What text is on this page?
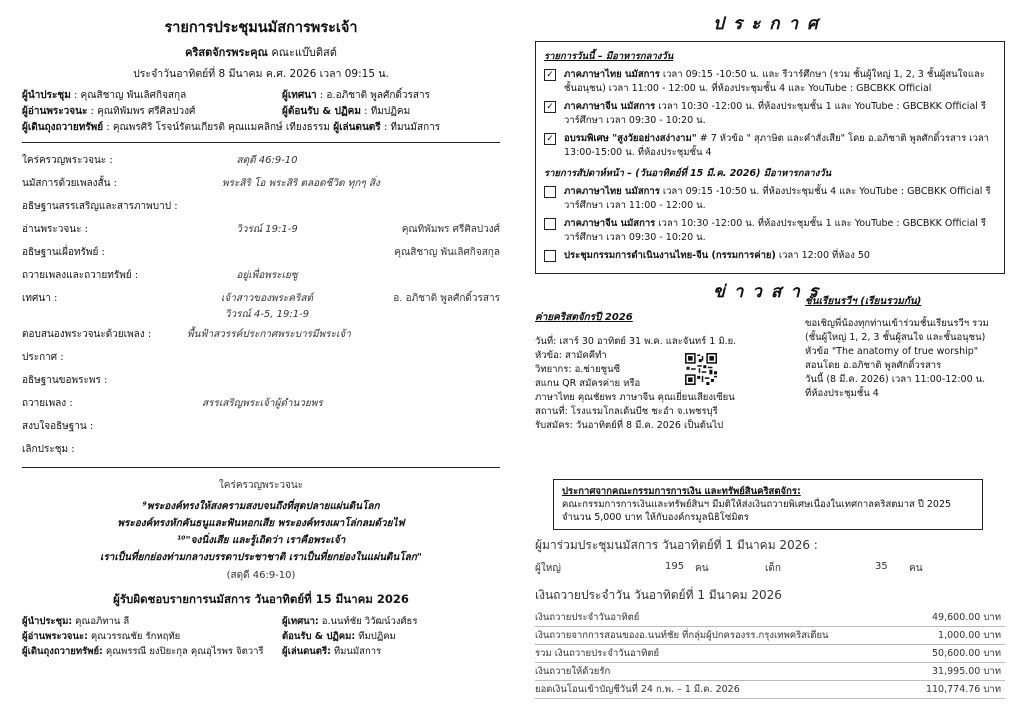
รายการประชุมนมัสการพระเจ้า
คริสตจักรพระคุณ คณะแบ๊บติสต์
ประจำวันอาทิตย์ที่ 8 มีนาคม ค.ศ. 2026 เวลา 09:15 น.
ผู้นำประชุม : คุณสิชาญ พันเลิศกิจสกุล	ผู้เทศนา : อ.อภิชาติ พูลศักดิ์วรสาร
ผู้อ่านพระวจนะ : คุณทิพัมพร ศรีศิลปวงศ์	ผู้ต้อนรับ & ปฏิคม : ทีมปฏิคม
ผู้เดินถุงถวายทรัพย์ : คุณพรศิริ โรจน์รัตนเกียรติ คุณแมคลิกษ์ เทียงธรรม ผู้เล่นดนตรี : ทีมนมัสการ
ใคร่ครวญพระวจนะ :	สดุดี 46:9-10
นมัสการด้วยเพลงสั้น :	พระสิริ โอ พระสิริ ตลอดชีวิต ทุกๆ สิ่ง
อธิษฐานสรรเสริญและสารภาพบาป :
อ่านพระวจนะ :	วิวรณ์ 19:1-9	คุณทิพัมพร ศรีศิลปวงศ์
อธิษฐานเผื่อทรัพย์ :	คุณสิชาญ พันเลิศกิจสกุล
ถวายเพลงและถวายทรัพย์ :	อยู่เพื่อพระเยซู
เทศนา :	เจ้าสาวของพระคริสต์	อ. อภิชาติ พูลศักดิ์วรสาร
วิวรณ์ 4-5, 19:1-9
ตอบสนองพระวจนะด้วยเพลง :	พื้นฟ้าสวรรค์ประกาศพระบารมีพระเจ้า
ประกาศ :
อธิษฐานขอพระพร :
ถวายเพลง :	สรรเสริญพระเจ้าผู้ดำนวยพร
สงบใจอธิษฐาน :
เลิกประชุม :
ใคร่ครวญพระวจนะ
⁹พระองค์ทรงให้สงครามสงบจนถึงที่สุดปลายแผ่นดินโลก
พระองค์ทรงหักคันธนูและฟันหอกเสีย พระองค์ทรงเผาโล่กลมด้วยไฟ
¹⁰"จงนิ่งเสีย และรู้เถิดว่า เราคือพระเจ้า
เราเป็นที่ยกย่องท่ามกลางบรรดาประชาชาติ เราเป็นที่ยกย่องในแผ่นดินโลก"
(สดุดี 46:9-10)
ผู้รับผิดชอบรายการนมัสการ วันอาทิตย์ที่ 15 มีนาคม 2026
ผู้นำประชุม: คุณอภิทาน ลี	ผู้เทศนา: อ.นนท์ชัย วิวัฒน์วงศ์ธร
ผู้อ่านพระวจนะ: คุณวรรณชัย รักหฤทัย	ต้อนรับ & ปฏิคม: ทีมปฏิคม
ผู้เดินถุงถวายทรัพย์: คุณพรรณี ยงปิยะกุล คุณอุไรพร จิตวารี	ผู้เล่นดนตรี: ทีมนมัสการ
ประกาศ
รายการวันนี้ – มีอาหารกลางวัน
✓ ภาคภาษาไทย นมัสการ เวลา 09:15 -10:50 น. และ รีวาร์ศึกษา (รวม ชั้นผู้ใหญ่ 1, 2, 3 ชั้นผู้สนใจและชั้นอนุชน) เวลา 11:00 - 12:00 น. ที่ห้องประชุมชั้น 4 และ YouTube : GBCBKK Official
✓ ภาคภาษาจีน นมัสการ เวลา 10:30 -12:00 น. ที่ห้องประชุมชั้น 1 และ YouTube : GBCBKK Official รีวาร์ศึกษา เวลา 09:30 - 10:20 น.
✓ อบรมพิเศษ "สูงวัยอย่างสง่างาม" # 7 หัวข้อ " สุภาษิต และคำสั่งเสีย" โดย อ.อภิชาติ พูลศักดิ์วรสาร เวลา 13:00-15:00 น. ที่ห้องประชุมชั้น 4
รายการสัปดาห์หน้า – (วันอาทิตย์ที่ 15 มี.ค. 2026) มีอาหารกลางวัน
ภาคภาษาไทย นมัสการ เวลา 09:15 -10:50 น. ที่ห้องประชุมชั้น 4 และ YouTube : GBCBKK Official รีวาร์ศึกษา เวลา 11:00 - 12:00 น.
ภาคภาษาจีน นมัสการ เวลา 10:30 -12:00 น. ที่ห้องประชุมชั้น 1 และ YouTube : GBCBKK Official รีวาร์ศึกษา เวลา 09:30 - 10:20 น.
ประชุมกรรมการดำเนินงานไทย-จีน (กรรมการค่าย) เวลา 12:00 ที่ห้อง 50
ข่าวสาร
ค่ายคริสตจักรปี 2026
วันที่: เสาร์ 30 อาทิตย์ 31 พ.ค. และจันทร์ 1 มิ.ย.
หัวข้อ: สามัคคีทำ
วิทยากร: อ.ช่ายชูนซี
สแกน QR สมัครค่าย หรือ
ภาษาไทย คุณชัยพร ภาษาจีน คุณเยี่ยนเสียงเซียน
สถานที่: โรงแรมโกลเด้นบีช ชะอำ จ.เพชรบุรี
รับสมัคร: วันอาทิตย์ที่ 8 มี.ค. 2026 เป็นต้นไป
ชั้นเรียนรวีฯ (เรียนรวมกัน)
ขอเชิญพี่น้องทุกท่านเข้าร่วมชั้นเรียนรวีฯ รวม
(ชั้นผู้ใหญ่ 1, 2, 3 ชั้นผู้สนใจ และชั้นอนุชน)
หัวข้อ "The anatomy of true worship"
สอนโดย อ.อภิชาติ พูลศักดิ์วรสาร
วันนี้ (8 มี.ค. 2026) เวลา 11:00-12:00 น.
ที่ห้องประชุมชั้น 4
ประกาศจากคณะกรรมการการเงิน และทรัพย์สินคริสตจักร:
คณะกรรมการการเงินและทรัพย์สินฯ มีมติให้ส่งเงินถวายพิเศษเนื่องในเทศกาลคริสตมาส ปี 2025 จำนวน 5,000 บาท ให้กับองค์กรมูลนิธิโซ่มิตร
ผู้มาร่วมประชุมนมัสการ วันอาทิตย์ที่ 1 มีนาคม 2026 :
ผู้ใหญ่	195	คน	เด็ก	35	คน
เงินถวายประจำวัน วันอาทิตย์ที่ 1 มีนาคม 2026
เงินถวายประจำวันอาทิตย์	49,600.00 บาท
เงินถวายจากการสอนของอ.นนท์ชัย ที่กลุ่มผู้ปกครองรร.กรุงเทพคริสเตียน	1,000.00 บาท
รวม เงินถวายประจำวันอาทิตย์	50,600.00 บาท
เงินถวายให้ด้วยรัก	31,995.00 บาท
ยอดเงินโอนเข้าบัญชีวันที่ 24 ก.พ. – 1 มี.ค. 2026	110,774.76 บาท
